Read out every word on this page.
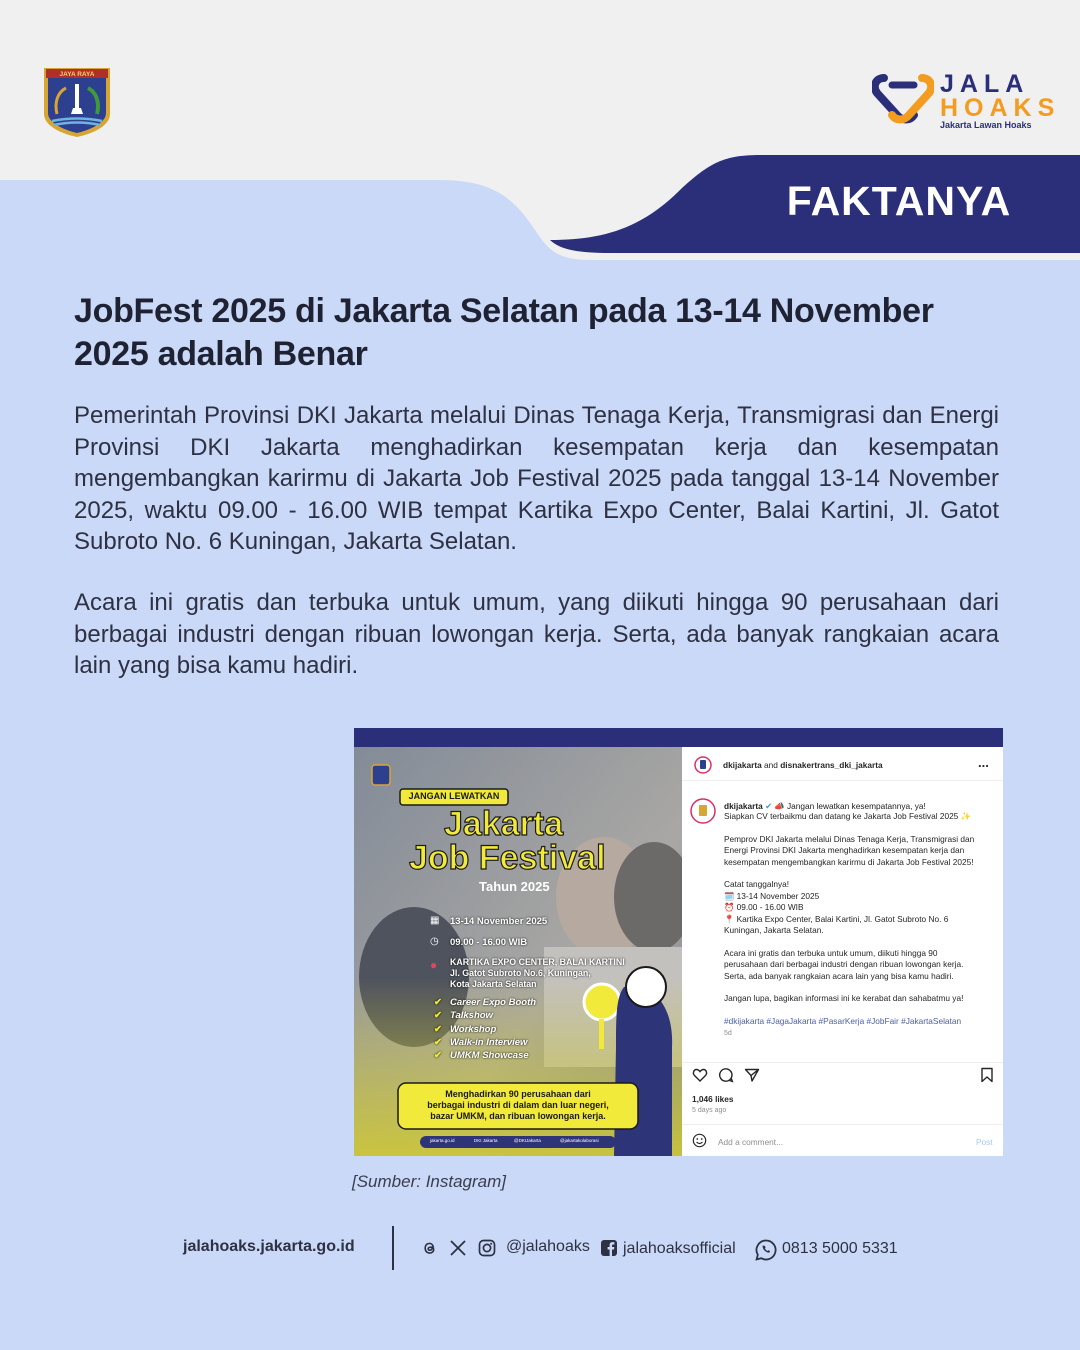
JAYA RAYA	JALA
HOAKS
Jakarta Lawan Hoaks
FAKTANYA
JobFest 2025 di Jakarta Selatan pada 13-14 November 2025 adalah Benar

Pemerintah Provinsi DKI Jakarta melalui Dinas Tenaga Kerja, Transmigrasi dan Energi Provinsi DKI Jakarta menghadirkan kesempatan kerja dan kesempatan mengembangkan karirmu di Jakarta Job Festival 2025 pada tanggal 13-14 November 2025, waktu 09.00 - 16.00 WIB tempat Kartika Expo Center, Balai Kartini, Jl. Gatot Subroto No. 6 Kuningan, Jakarta Selatan.

Acara ini gratis dan terbuka untuk umum, yang diikuti hingga 90 perusahaan dari berbagai industri dengan ribuan lowongan kerja. Serta, ada banyak rangkaian acara lain yang bisa kamu hadiri.

JANGAN LEWATKAN
Jakarta
Job Festival
Tahun 2025
▦ 13-14 November 2025
◷ 09.00 - 16.00 WIB
● KARTIKA EXPO CENTER, BALAI KARTINI
Jl. Gatot Subroto No.6, Kuningan,
Kota Jakarta Selatan
✔ Career Expo Booth
✔ Talkshow
✔ Workshop
✔ Walk-in Interview
✔ UMKM Showcase
Menghadirkan 90 perusahaan dari
berbagai industri di dalam dan luar negeri,
bazar UMKM, dan ribuan lowongan kerja.
jakarta.go.id	DKI Jakarta	@DKIJakarta	@jakartakolaborasi
dkijakarta and disnakertrans_dki_jakarta	...
dkijakarta ✔ 📣 Jangan lewatkan kesempatannya, ya!
Siapkan CV terbaikmu dan datang ke Jakarta Job Festival 2025 ✨
Pemprov DKI Jakarta melalui Dinas Tenaga Kerja, Transmigrasi dan
Energi Provinsi DKI Jakarta menghadirkan kesempatan kerja dan
kesempatan mengembangkan karirmu di Jakarta Job Festival 2025!
Catat tanggalnya!
🗓️ 13-14 November 2025
⏰ 09.00 - 16.00 WIB
📍 Kartika Expo Center, Balai Kartini, Jl. Gatot Subroto No. 6
Kuningan, Jakarta Selatan.
Acara ini gratis dan terbuka untuk umum, diikuti hingga 90
perusahaan dari berbagai industri dengan ribuan lowongan kerja.
Serta, ada banyak rangkaian acara lain yang bisa kamu hadiri.
Jangan lupa, bagikan informasi ini ke kerabat dan sahabatmu ya!
#dkijakarta #JagaJakarta #PasarKerja #JobFair #JakartaSelatan
5d
1,046 likes
5 days ago
Add a comment...	Post
[Sumber: Instagram]
jalahoaks.jakarta.go.id	@jalahoaks jalahoaksofficial	0813 5000 5331
